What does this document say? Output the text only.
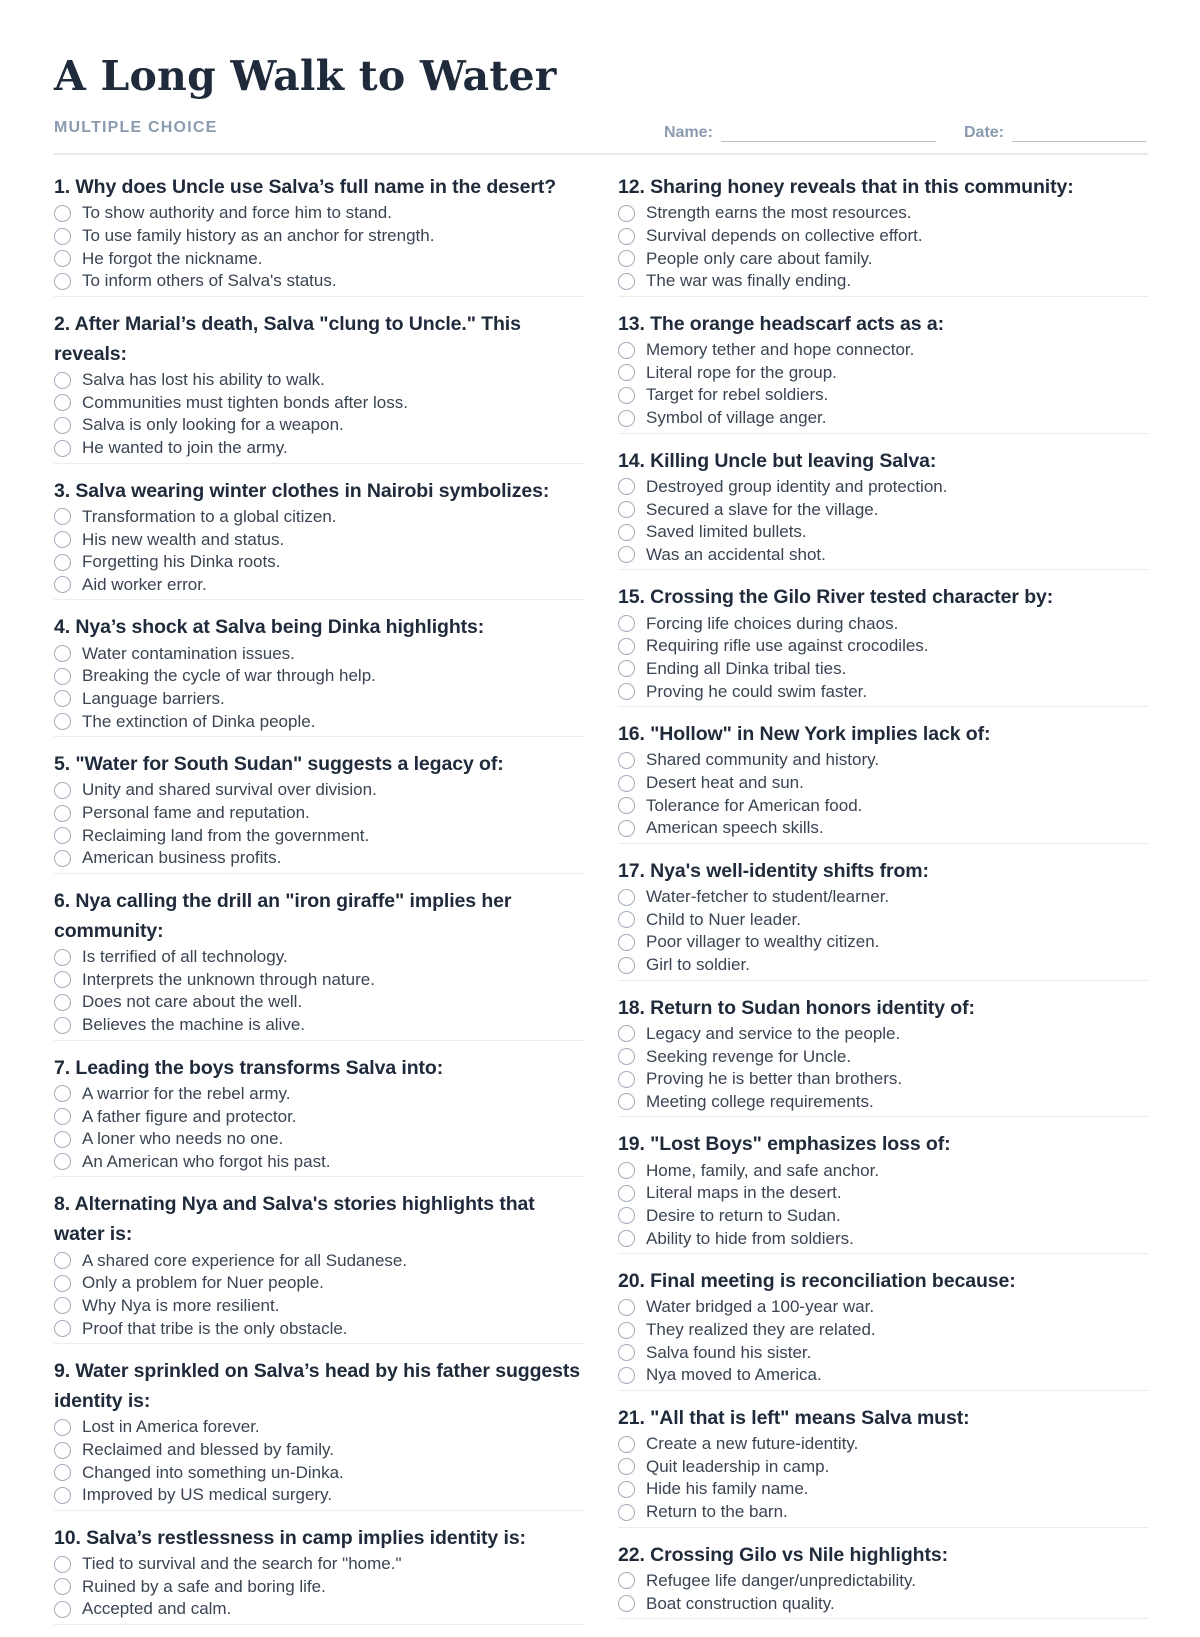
A Long Walk to Water
MULTIPLE CHOICE	Name:	Date:
1. Why does Uncle use Salva’s full name in the desert?
To show authority and force him to stand.
To use family history as an anchor for strength.
He forgot the nickname.
To inform others of Salva's status.
2. After Marial’s death, Salva "clung to Uncle." This reveals:
Salva has lost his ability to walk.
Communities must tighten bonds after loss.
Salva is only looking for a weapon.
He wanted to join the army.
3. Salva wearing winter clothes in Nairobi symbolizes:
Transformation to a global citizen.
His new wealth and status.
Forgetting his Dinka roots.
Aid worker error.
4. Nya’s shock at Salva being Dinka highlights:
Water contamination issues.
Breaking the cycle of war through help.
Language barriers.
The extinction of Dinka people.
5. "Water for South Sudan" suggests a legacy of:
Unity and shared survival over division.
Personal fame and reputation.
Reclaiming land from the government.
American business profits.
6. Nya calling the drill an "iron giraffe" implies her community:
Is terrified of all technology.
Interprets the unknown through nature.
Does not care about the well.
Believes the machine is alive.
7. Leading the boys transforms Salva into:
A warrior for the rebel army.
A father figure and protector.
A loner who needs no one.
An American who forgot his past.
8. Alternating Nya and Salva's stories highlights that water is:
A shared core experience for all Sudanese.
Only a problem for Nuer people.
Why Nya is more resilient.
Proof that tribe is the only obstacle.
9. Water sprinkled on Salva’s head by his father suggests identity is:
Lost in America forever.
Reclaimed and blessed by family.
Changed into something un-Dinka.
Improved by US medical surgery.
10. Salva’s restlessness in camp implies identity is:
Tied to survival and the search for "home."
Ruined by a safe and boring life.
Accepted and calm.
12. Sharing honey reveals that in this community:
Strength earns the most resources.
Survival depends on collective effort.
People only care about family.
The war was finally ending.
13. The orange headscarf acts as a:
Memory tether and hope connector.
Literal rope for the group.
Target for rebel soldiers.
Symbol of village anger.
14. Killing Uncle but leaving Salva:
Destroyed group identity and protection.
Secured a slave for the village.
Saved limited bullets.
Was an accidental shot.
15. Crossing the Gilo River tested character by:
Forcing life choices during chaos.
Requiring rifle use against crocodiles.
Ending all Dinka tribal ties.
Proving he could swim faster.
16. "Hollow" in New York implies lack of:
Shared community and history.
Desert heat and sun.
Tolerance for American food.
American speech skills.
17. Nya's well-identity shifts from:
Water-fetcher to student/learner.
Child to Nuer leader.
Poor villager to wealthy citizen.
Girl to soldier.
18. Return to Sudan honors identity of:
Legacy and service to the people.
Seeking revenge for Uncle.
Proving he is better than brothers.
Meeting college requirements.
19. "Lost Boys" emphasizes loss of:
Home, family, and safe anchor.
Literal maps in the desert.
Desire to return to Sudan.
Ability to hide from soldiers.
20. Final meeting is reconciliation because:
Water bridged a 100-year war.
They realized they are related.
Salva found his sister.
Nya moved to America.
21. "All that is left" means Salva must:
Create a new future-identity.
Quit leadership in camp.
Hide his family name.
Return to the barn.
22. Crossing Gilo vs Nile highlights:
Refugee life danger/unpredictability.
Boat construction quality.
